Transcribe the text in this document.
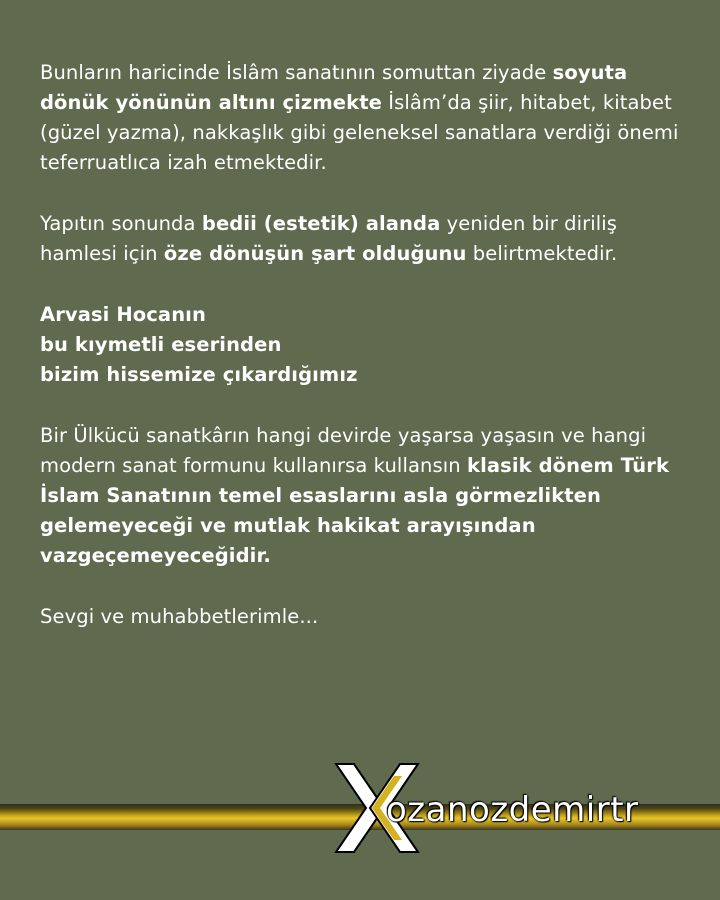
Bunların haricinde İslâm sanatının somuttan ziyade soyuta dönük yönünün altını çizmekte İslâm’da şiir, hitabet, kitabet (güzel yazma), nakkaşlık gibi geleneksel sanatlara verdiği önemi teferruatlıca izah etmektedir.

Yapıtın sonunda bedii (estetik) alanda yeniden bir diriliş hamlesi için öze dönüşün şart olduğunu belirtmektedir.

Arvasi Hocanın
bu kıymetli eserinden
bizim hissemize çıkardığımız

Bir Ülkücü sanatkârın hangi devirde yaşarsa yaşasın ve hangi modern sanat formunu kullanırsa kullansın klasik dönem Türk İslam Sanatının temel esaslarını asla görmezlikten gelemeyeceği ve mutlak hakikat arayışından vazgeçemeyeceğidir.

Sevgi ve muhabbetlerimle...

ozanozdemirtr
